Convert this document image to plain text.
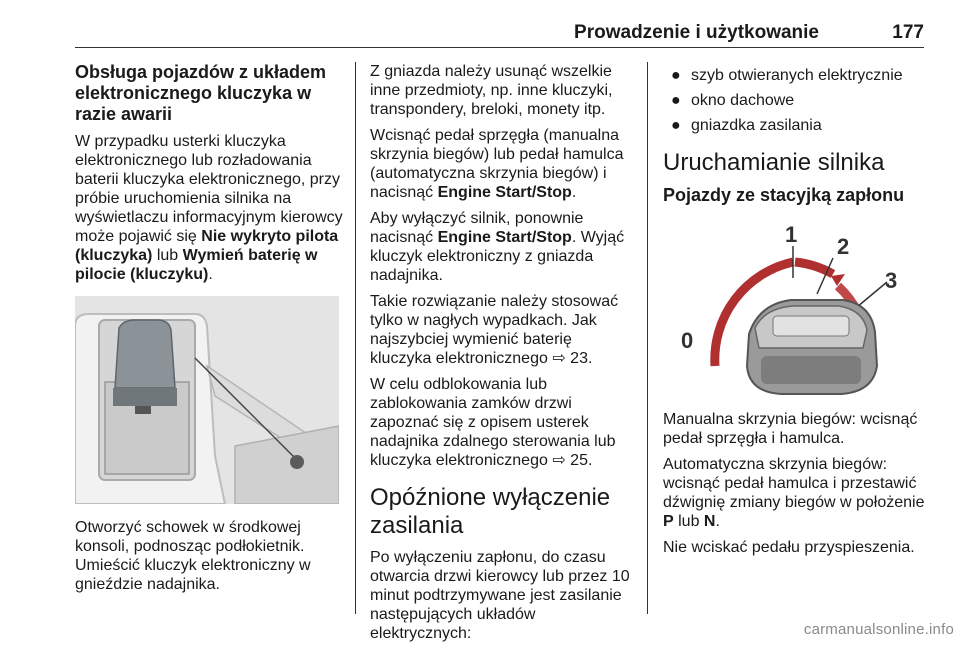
Prowadzenie i użytkowanie	177
Obsługa pojazdów z układem elektronicznego kluczyka w razie awarii

W przypadku usterki kluczyka elektronicznego lub rozładowania baterii kluczyka elektronicznego, przy próbie uruchomienia silnika na wyświetlaczu informacyjnym kierowcy może pojawić się Nie wykryto pilota (kluczyka) lub Wymień baterię w pilocie (kluczyku).

Otworzyć schowek w środkowej konsoli, podnosząc podłokietnik. Umieścić kluczyk elektroniczny w gnieździe nadajnika.

Z gniazda należy usunąć wszelkie inne przedmioty, np. inne kluczyki, transpondery, breloki, monety itp.

Wcisnąć pedał sprzęgła (manualna skrzynia biegów) lub pedał hamulca (automatyczna skrzynia biegów) i nacisnąć Engine Start/Stop.

Aby wyłączyć silnik, ponownie nacisnąć Engine Start/Stop. Wyjąć kluczyk elektroniczny z gniazda nadajnika.

Takie rozwiązanie należy stosować tylko w nagłych wypadkach. Jak najszybciej wymienić baterię kluczyka elektronicznego ⇨ 23.

W celu odblokowania lub zablokowania zamków drzwi zapoznać się z opisem usterek nadajnika zdalnego sterowania lub kluczyka elektronicznego ⇨ 25.

Opóźnione wyłączenie zasilania

Po wyłączeniu zapłonu, do czasu otwarcia drzwi kierowcy lub przez 10 minut podtrzymywane jest zasilanie następujących układów elektrycznych:

● szyb otwieranych elektrycznie
● okno dachowe
● gniazdka zasilania
Uruchamianie silnika
Pojazdy ze stacyjką zapłonu
0
1 2
3

Manualna skrzynia biegów: wcisnąć pedał sprzęgła i hamulca.

Automatyczna skrzynia biegów: wcisnąć pedał hamulca i przestawić dźwignię zmiany biegów w położenie P lub N.

Nie wciskać pedału przyspieszenia.

carmanualsonline.info
